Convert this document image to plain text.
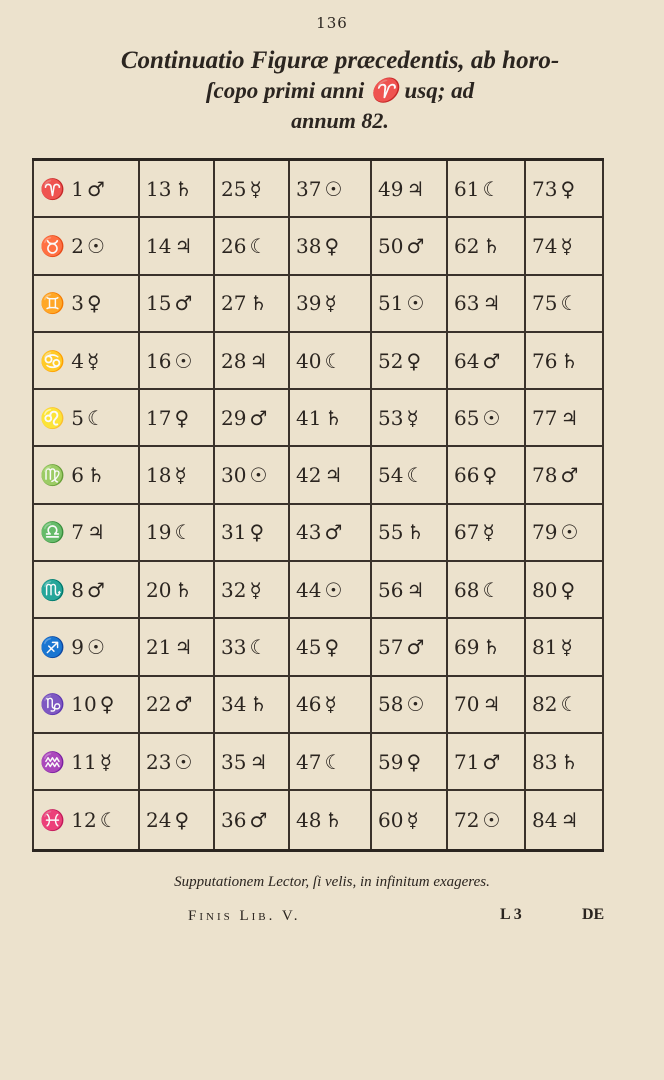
136
Continuatio Figuræ præcedentis, ab horo-
ſcopo primi anni ♈ usq; ad
annum 82.
♈ 1 ♂ 13 ♄ 25 ☿ 37 ☉ 49 ♃ 61 ☾ 73 ♀
♉ 2 ☉ 14 ♃ 26 ☾ 38 ♀ 50 ♂ 62 ♄ 74 ☿
♊ 3 ♀ 15 ♂ 27 ♄ 39 ☿ 51 ☉ 63 ♃ 75 ☾
♋ 4 ☿ 16 ☉ 28 ♃ 40 ☾ 52 ♀ 64 ♂ 76 ♄
♌ 5 ☾ 17 ♀ 29 ♂ 41 ♄ 53 ☿ 65 ☉ 77 ♃
♍ 6 ♄ 18 ☿ 30 ☉ 42 ♃ 54 ☾ 66 ♀ 78 ♂
♎ 7 ♃ 19 ☾ 31 ♀ 43 ♂ 55 ♄ 67 ☿ 79 ☉
♏ 8 ♂ 20 ♄ 32 ☿ 44 ☉ 56 ♃ 68 ☾ 80 ♀
♐ 9 ☉ 21 ♃ 33 ☾ 45 ♀ 57 ♂ 69 ♄ 81 ☿
♑ 10 ♀ 22 ♂ 34 ♄ 46 ☿ 58 ☉ 70 ♃ 82 ☾
♒ 11 ☿ 23 ☉ 35 ♃ 47 ☾ 59 ♀ 71 ♂ 83 ♄
♓ 12 ☾ 24 ♀ 36 ♂ 48 ♄ 60 ☿ 72 ☉ 84 ♃
Supputationem Lector, ſi velis, in infinitum exageres.
Finis Lib. V.	L 3	DE
